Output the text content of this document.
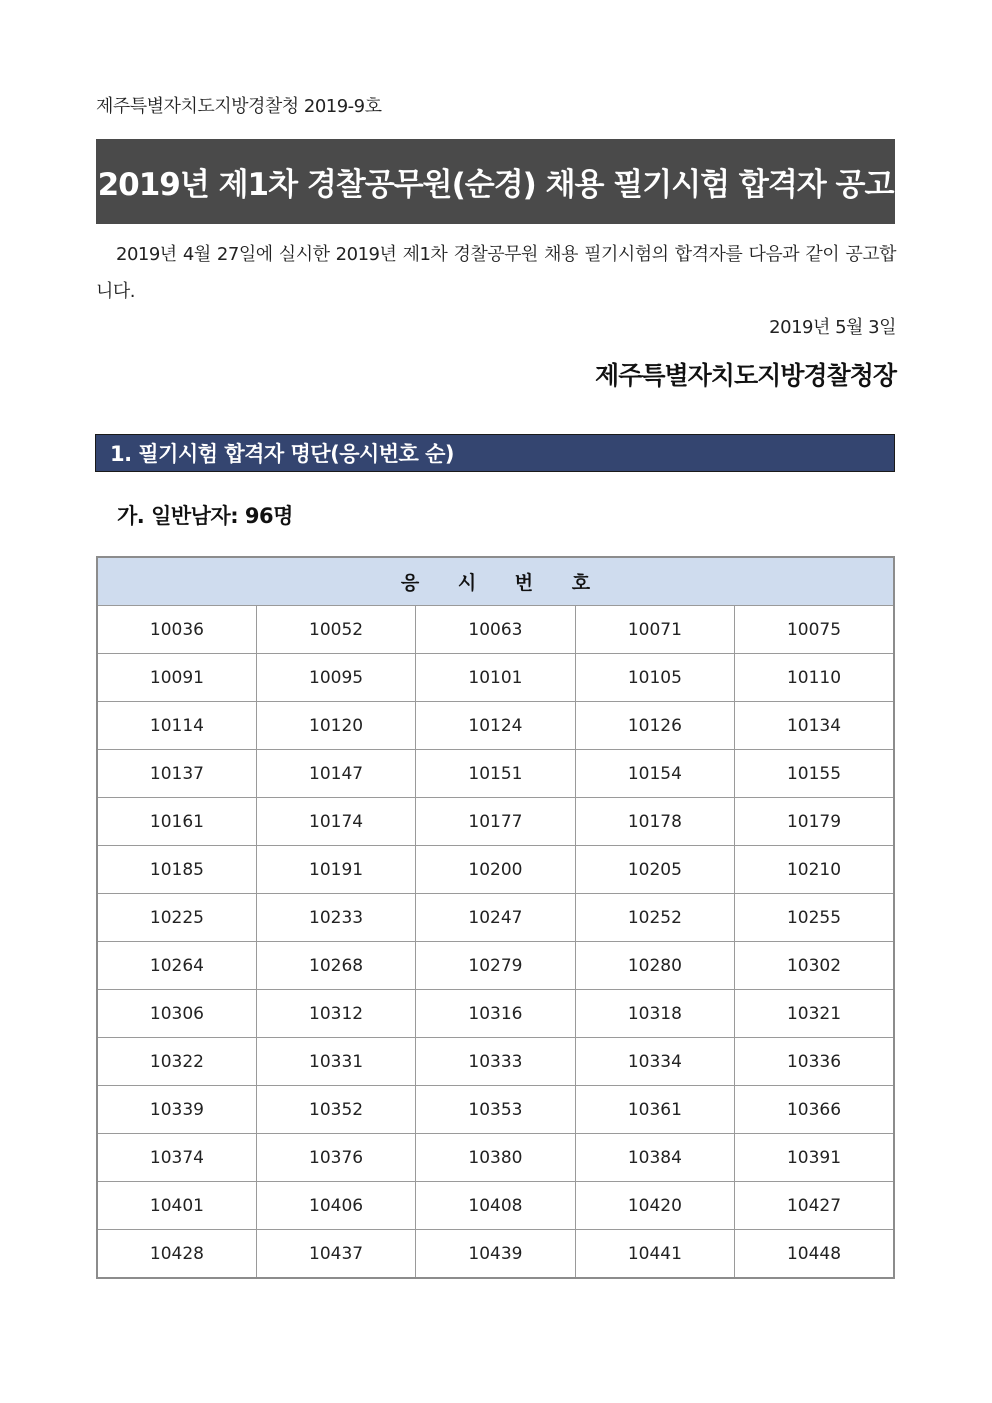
제주특별자치도지방경찰청 2019-9호
2019년 제1차 경찰공무원(순경) 채용 필기시험 합격자 공고
2019년 4월 27일에 실시한 2019년 제1차 경찰공무원 채용 필기시험의 합격자를 다음과 같이 공고합니다.
2019년 5월 3일
제주특별자치도지방경찰청장
1. 필기시험 합격자 명단(응시번호 순)
가. 일반남자: 96명
응 시 번 호				
10036	10052	10063	10071	10075
10091	10095	10101	10105	10110
10114	10120	10124	10126	10134
10137	10147	10151	10154	10155
10161	10174	10177	10178	10179
10185	10191	10200	10205	10210
10225	10233	10247	10252	10255
10264	10268	10279	10280	10302
10306	10312	10316	10318	10321
10322	10331	10333	10334	10336
10339	10352	10353	10361	10366
10374	10376	10380	10384	10391
10401	10406	10408	10420	10427
10428	10437	10439	10441	10448
